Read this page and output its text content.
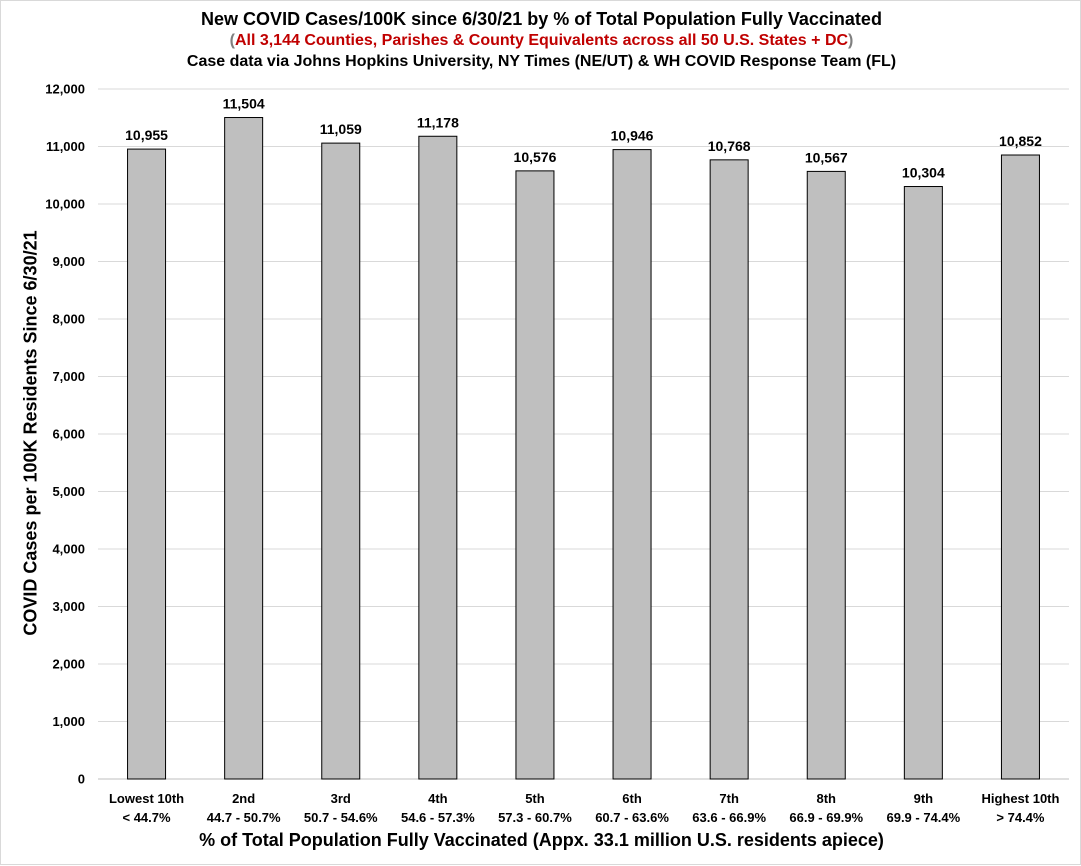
New COVID Cases/100K since 6/30/21 by % of Total Population Fully Vaccinated
(All 3,144 Counties, Parishes & County Equivalents across all 50 U.S. States + DC)
Case data via Johns Hopkins University, NY Times (NE/UT) & WH COVID Response Team (FL)
0
1,000
2,000
3,000
4,000
5,000
6,000
7,000
8,000
9,000
10,000
11,000
12,000
10,955
Lowest 10th
< 44.7%
11,504
2nd
44.7 - 50.7%
11,059
3rd
50.7 - 54.6%
11,178
4th
54.6 - 57.3%
10,576
5th
57.3 - 60.7%
10,946
6th
60.7 - 63.6%
10,768
7th
63.6 - 66.9%
10,567
8th
66.9 - 69.9%
10,304
9th
69.9 - 74.4%
10,852
Highest 10th
> 74.4%
COVID Cases per 100K Residents Since 6/30/21
% of Total Population Fully Vaccinated (Appx. 33.1 million U.S. residents apiece)
